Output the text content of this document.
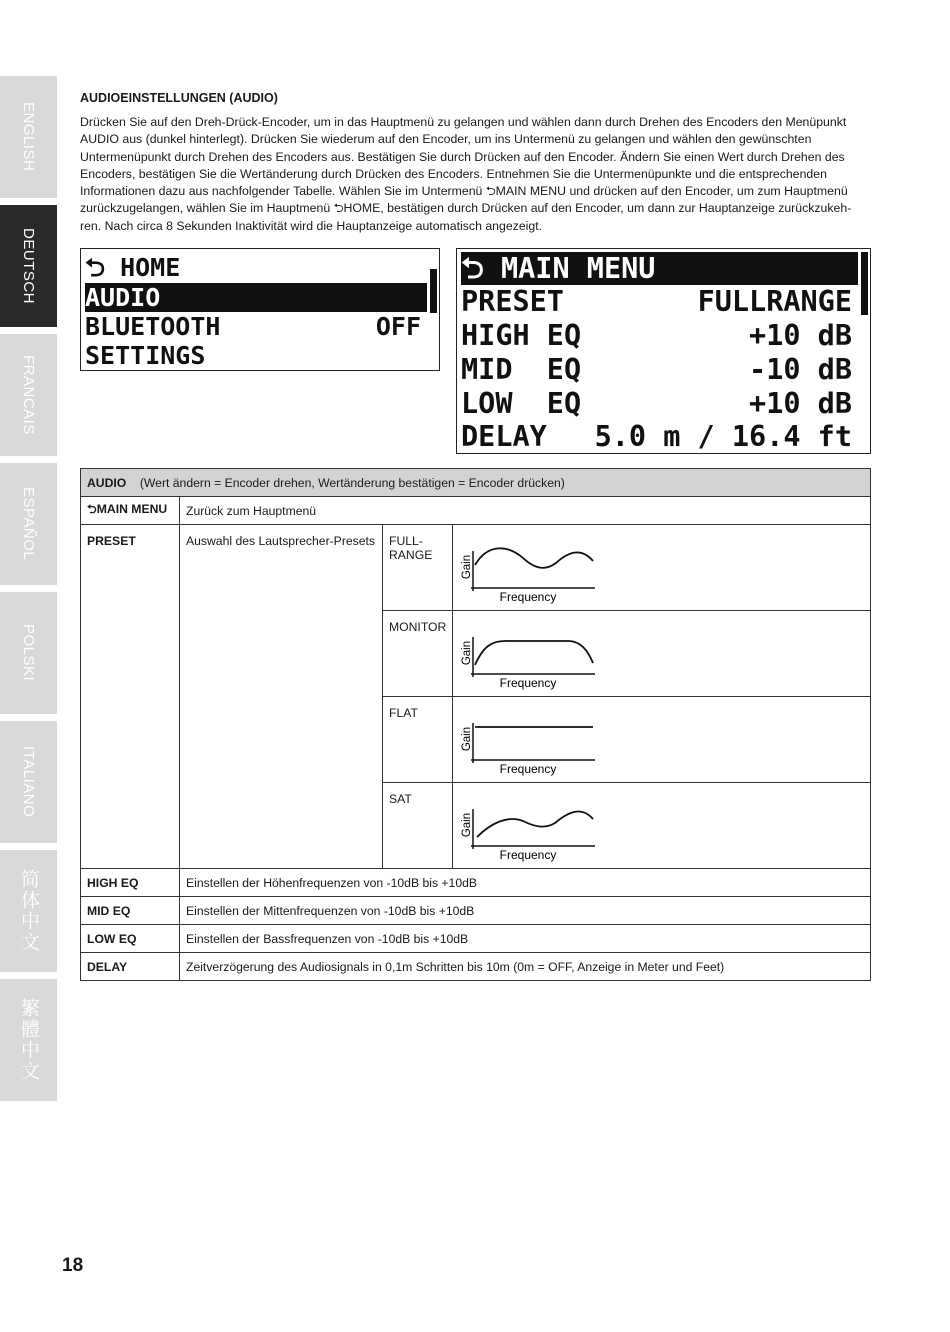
ENGLISH
DEUTSCH
FRANCAIS
ESPAÑOL
POLSKI
ITALIANO
简体中文
繁體中文
AUDIOEINSTELLUNGEN (AUDIO)

Drücken Sie auf den Dreh-Drück-Encoder, um in das Hauptmenü zu gelangen und wählen dann durch Drehen des Encoders den Menüpunkt

AUDIO aus (dunkel hinterlegt). Drücken Sie wiederum auf den Encoder, um ins Untermenü zu gelangen und wählen den gewünschten

Untermenüpunkt durch Drehen des Encoders aus. Bestätigen Sie durch Drücken auf den Encoder. Ändern Sie einen Wert durch Drehen des

Encoders, bestätigen Sie die Wertänderung durch Drücken des Encoders. Entnehmen Sie die Untermenüpunkte und die entsprechenden

Informationen dazu aus nachfolgender Tabelle. Wählen Sie im Untermenü ⮌MAIN MENU und drücken auf den Encoder, um zum Hauptmenü

zurückzugelangen, wählen Sie im Hauptmenü ⮌HOME, bestätigen durch Drücken auf den Encoder, um dann zur Hauptanzeige zurückzukeh-

ren. Nach circa 8 Sekunden Inaktivität wird die Hauptanzeige automatisch angezeigt.

⮌ HOME
AUDIO
BLUETOOTH	OFF
SETTINGS
⮌ MAIN MENU
PRESET	FULLRANGE
HIGH EQ	+10 dB
MID  EQ	-10 dB
LOW  EQ	+10 dB
DELAY 5.0 m / 16.4 ft
AUDIO (Wert ändern = Encoder drehen, Wertänderung bestätigen = Encoder drücken)			
⮌MAIN MENU	Zurück zum Hauptmenü		
PRESET	Auswahl des Lautsprecher-Presets	FULL-
RANGE	Gain
Frequency

		MONITOR	Gain
Frequency

		FLAT	Gain
Frequency

		SAT	Gain
Frequency

HIGH EQ	Einstellen der Höhenfrequenzen von -10dB bis +10dB		
MID EQ	Einstellen der Mittenfrequenzen von -10dB bis +10dB		
LOW EQ	Einstellen der Bassfrequenzen von -10dB bis +10dB		
DELAY	Zeitverzögerung des Audiosignals in 0,1m Schritten bis 10m (0m = OFF, Anzeige in Meter und Feet)		
18
